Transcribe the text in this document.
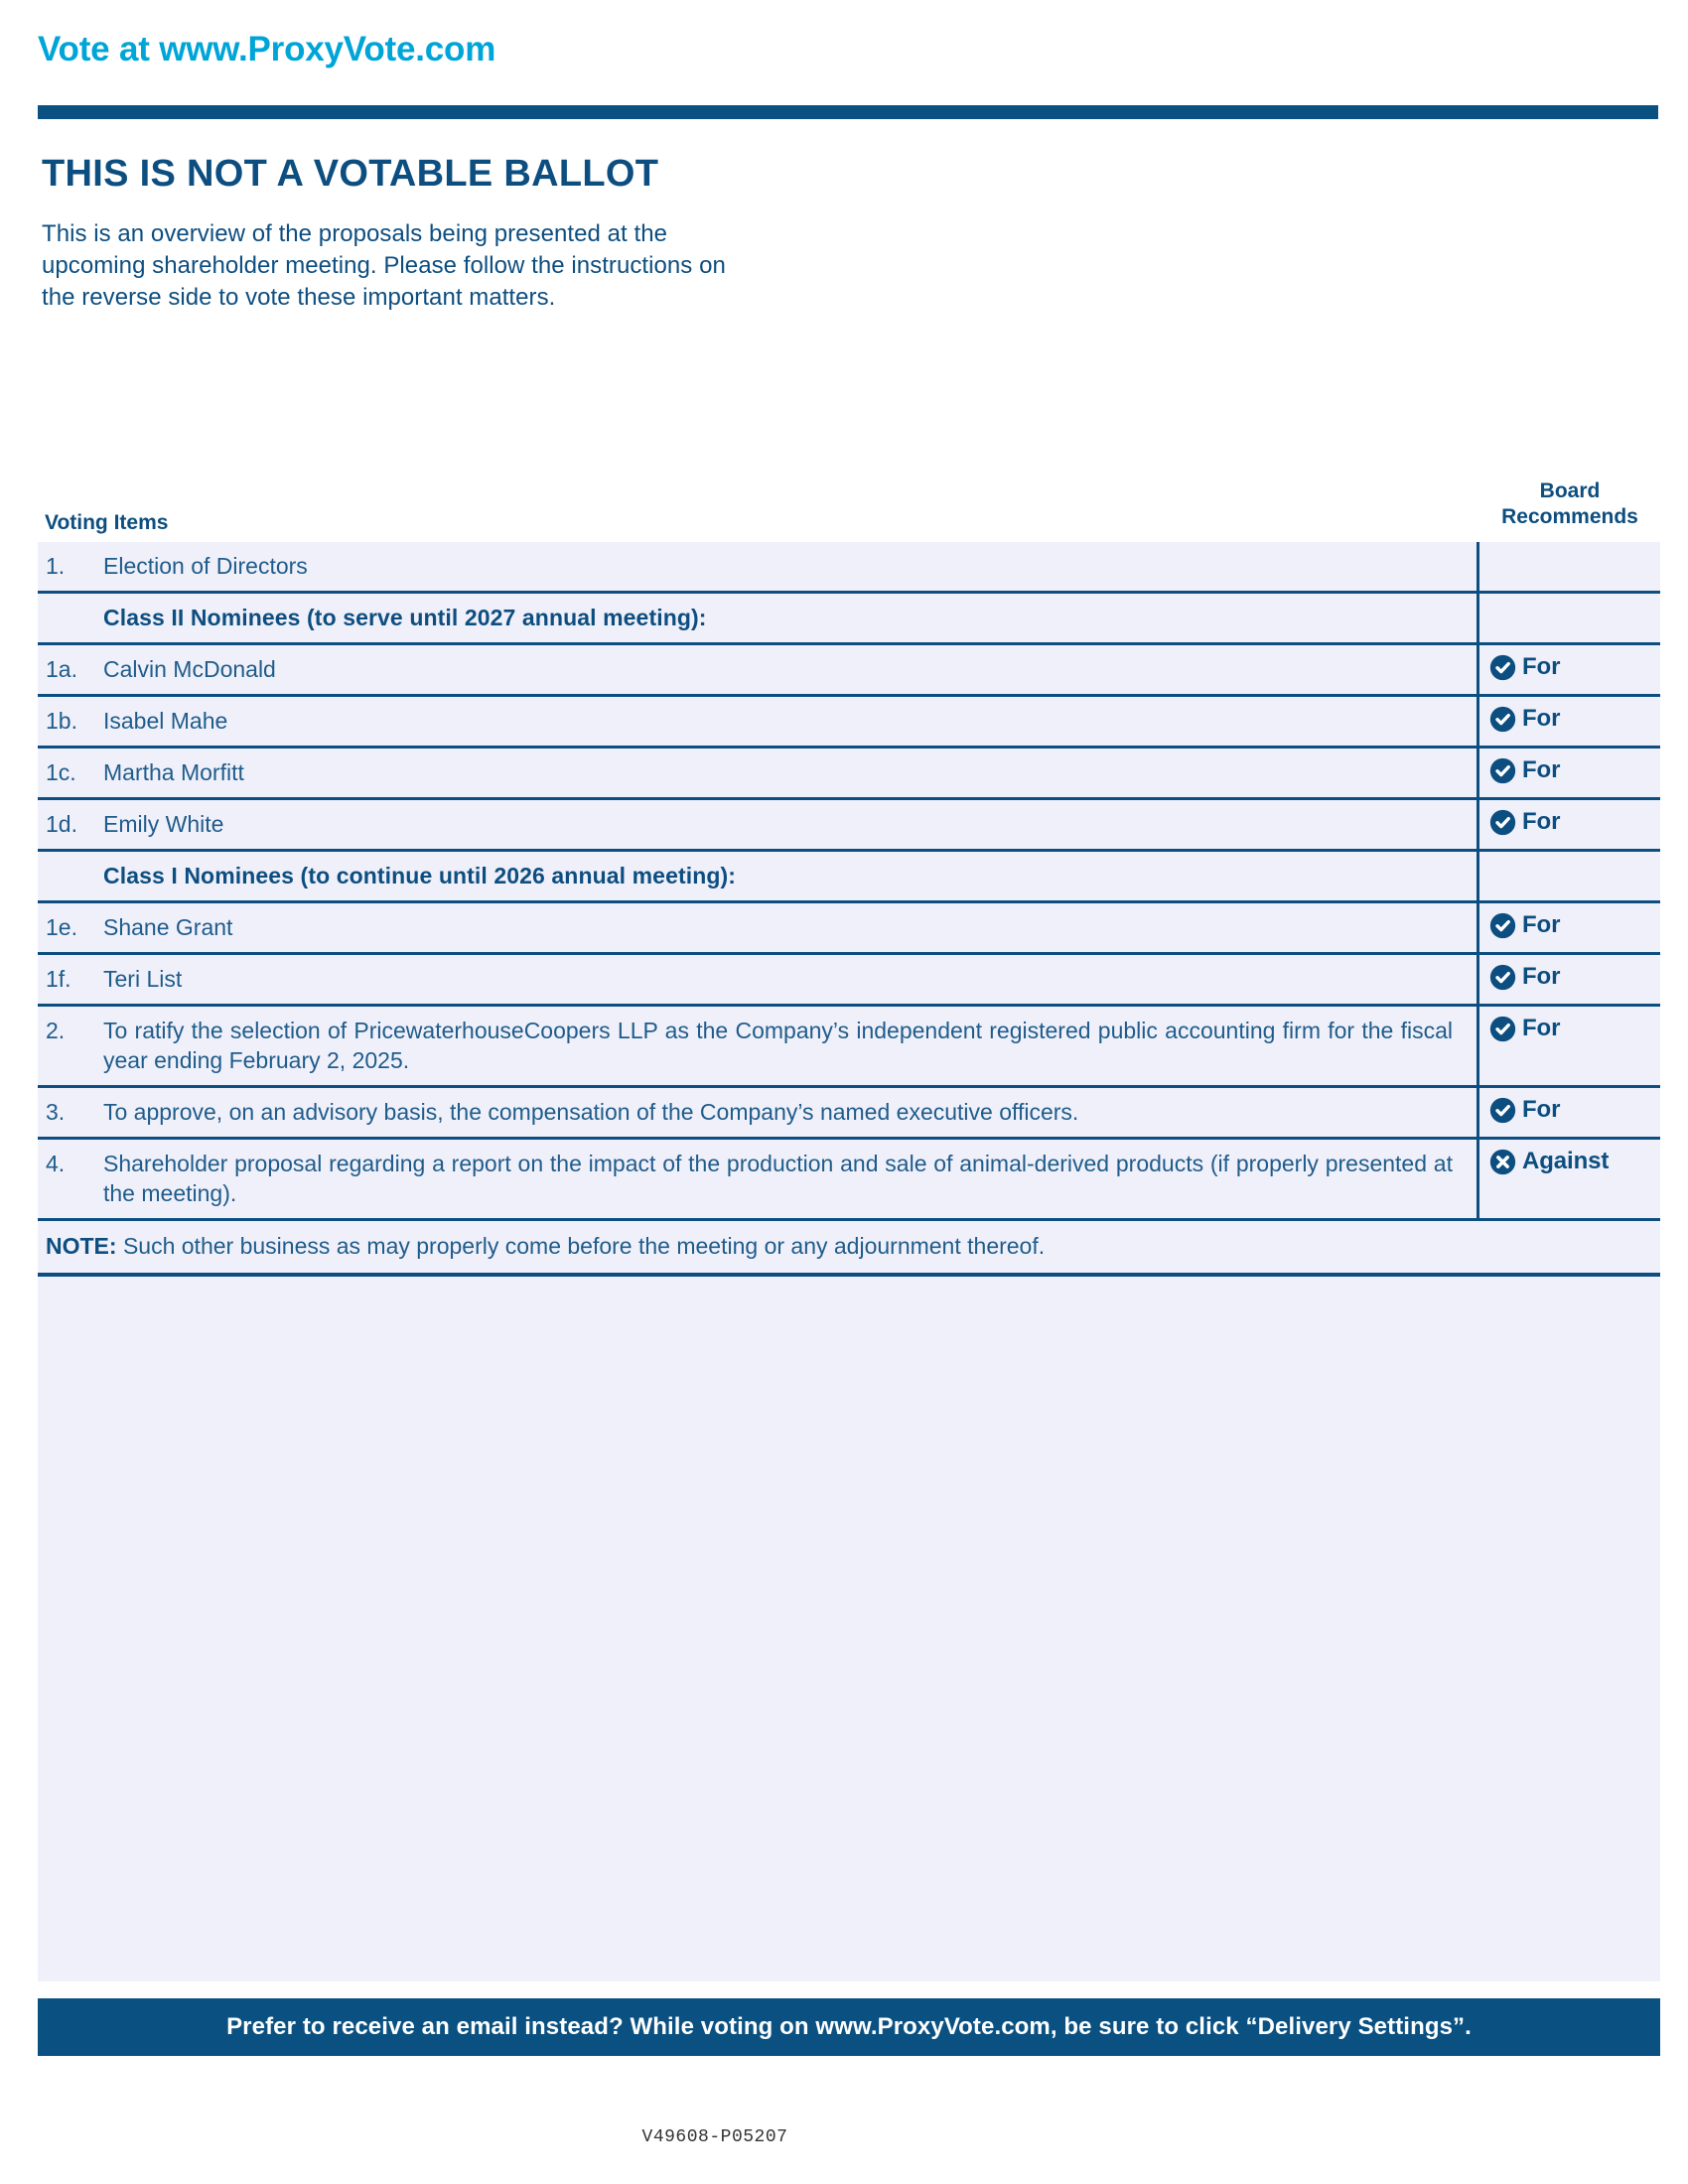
Vote at www.ProxyVote.com
THIS IS NOT A VOTABLE BALLOT
This is an overview of the proposals being presented at the
upcoming shareholder meeting. Please follow the instructions on
the reverse side to vote these important matters.
Voting Items
Board
Recommends
1.	Election of Directors	
	Class II Nominees (to serve until 2027 annual meeting):	
1a.	Calvin McDonald	For

1b.	Isabel Mahe	For

1c.	Martha Morfitt	For

1d.	Emily White	For

	Class I Nominees (to continue until 2026 annual meeting):	
1e.	Shane Grant	For

1f.	Teri List	For

2.	To ratify the selection of PricewaterhouseCoopers LLP as the Company’s independent registered public accounting firm for the fiscal year ending February 2, 2025.	For

3.	To approve, on an advisory basis, the compensation of the Company’s named executive officers.	For

4.	Shareholder proposal regarding a report on the impact of the production and sale of animal-derived products (if properly presented at the meeting).	Against

NOTE: Such other business as may properly come before the meeting or any adjournment thereof.		
Prefer to receive an email instead? While voting on www.ProxyVote.com, be sure to click “Delivery Settings”.
V49608-P05207
